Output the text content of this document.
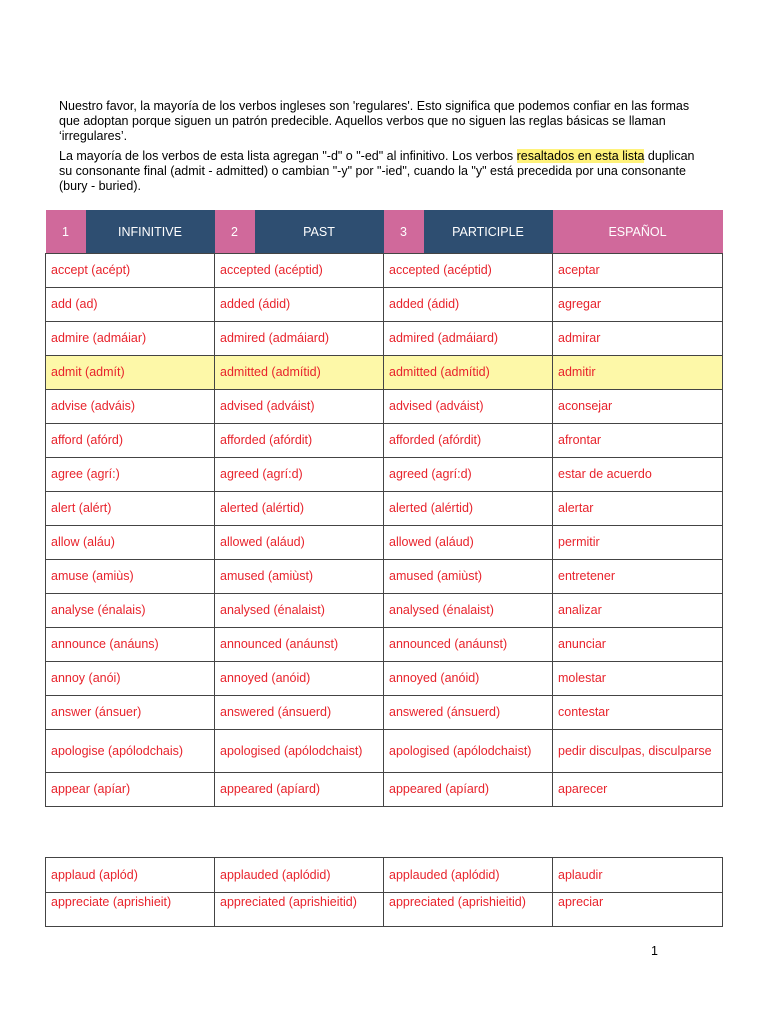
Nuestro favor, la mayoría de los verbos ingleses son 'regulares'. Esto significa que podemos confiar en las formas que adoptan porque siguen un patrón predecible. Aquellos verbos que no siguen las reglas básicas se llaman ‘irregulares’.

La mayoría de los verbos de esta lista agregan "-d" o "-ed" al infinitivo. Los verbos resaltados en esta lista duplican su consonante final (admit - admitted) o cambian "-y" por "-ied", cuando la "y" está precedida por una consonante (bury - buried).

1 INFINITIVE	2 PAST	3 PARTICIPLE	ESPAÑOL
accept (acépt)	accepted (acéptid)	accepted (acéptid)	aceptar
add (ad)	added (ádid)	added (ádid)	agregar
admire (admáiar)	admired (admáiard)	admired (admáiard)	admirar
admit (admít)	admitted (admítid)	admitted (admítid)	admitir
advise (adváis)	advised (adváist)	advised (adváist)	aconsejar
afford (afórd)	afforded (afórdit)	afforded (afórdit)	afrontar
agree (agrí:)	agreed (agrí:d)	agreed (agrí:d)	estar de acuerdo
alert (alért)	alerted (alértid)	alerted (alértid)	alertar
allow (aláu)	allowed (aláud)	allowed (aláud)	permitir
amuse (amiùs)	amused (amiùst)	amused (amiùst)	entretener
analyse (énalais)	analysed (énalaist)	analysed (énalaist)	analizar
announce (anáuns)	announced (anáunst)	announced (anáunst)	anunciar
annoy (anói)	annoyed (anóid)	annoyed (anóid)	molestar
answer (ánsuer)	answered (ánsuerd)	answered (ánsuerd)	contestar
apologise (apólodchais)	apologised (apólodchaist)	apologised (apólodchaist)	pedir disculpas, disculparse
appear (apíar)	appeared (apíard)	appeared (apíard)	aparecer
applaud (aplód)	applauded (aplódid)	applauded (aplódid)	aplaudir
appreciate (aprishieit)	appreciated (aprishieitid)	appreciated (aprishieitid)	apreciar
1
